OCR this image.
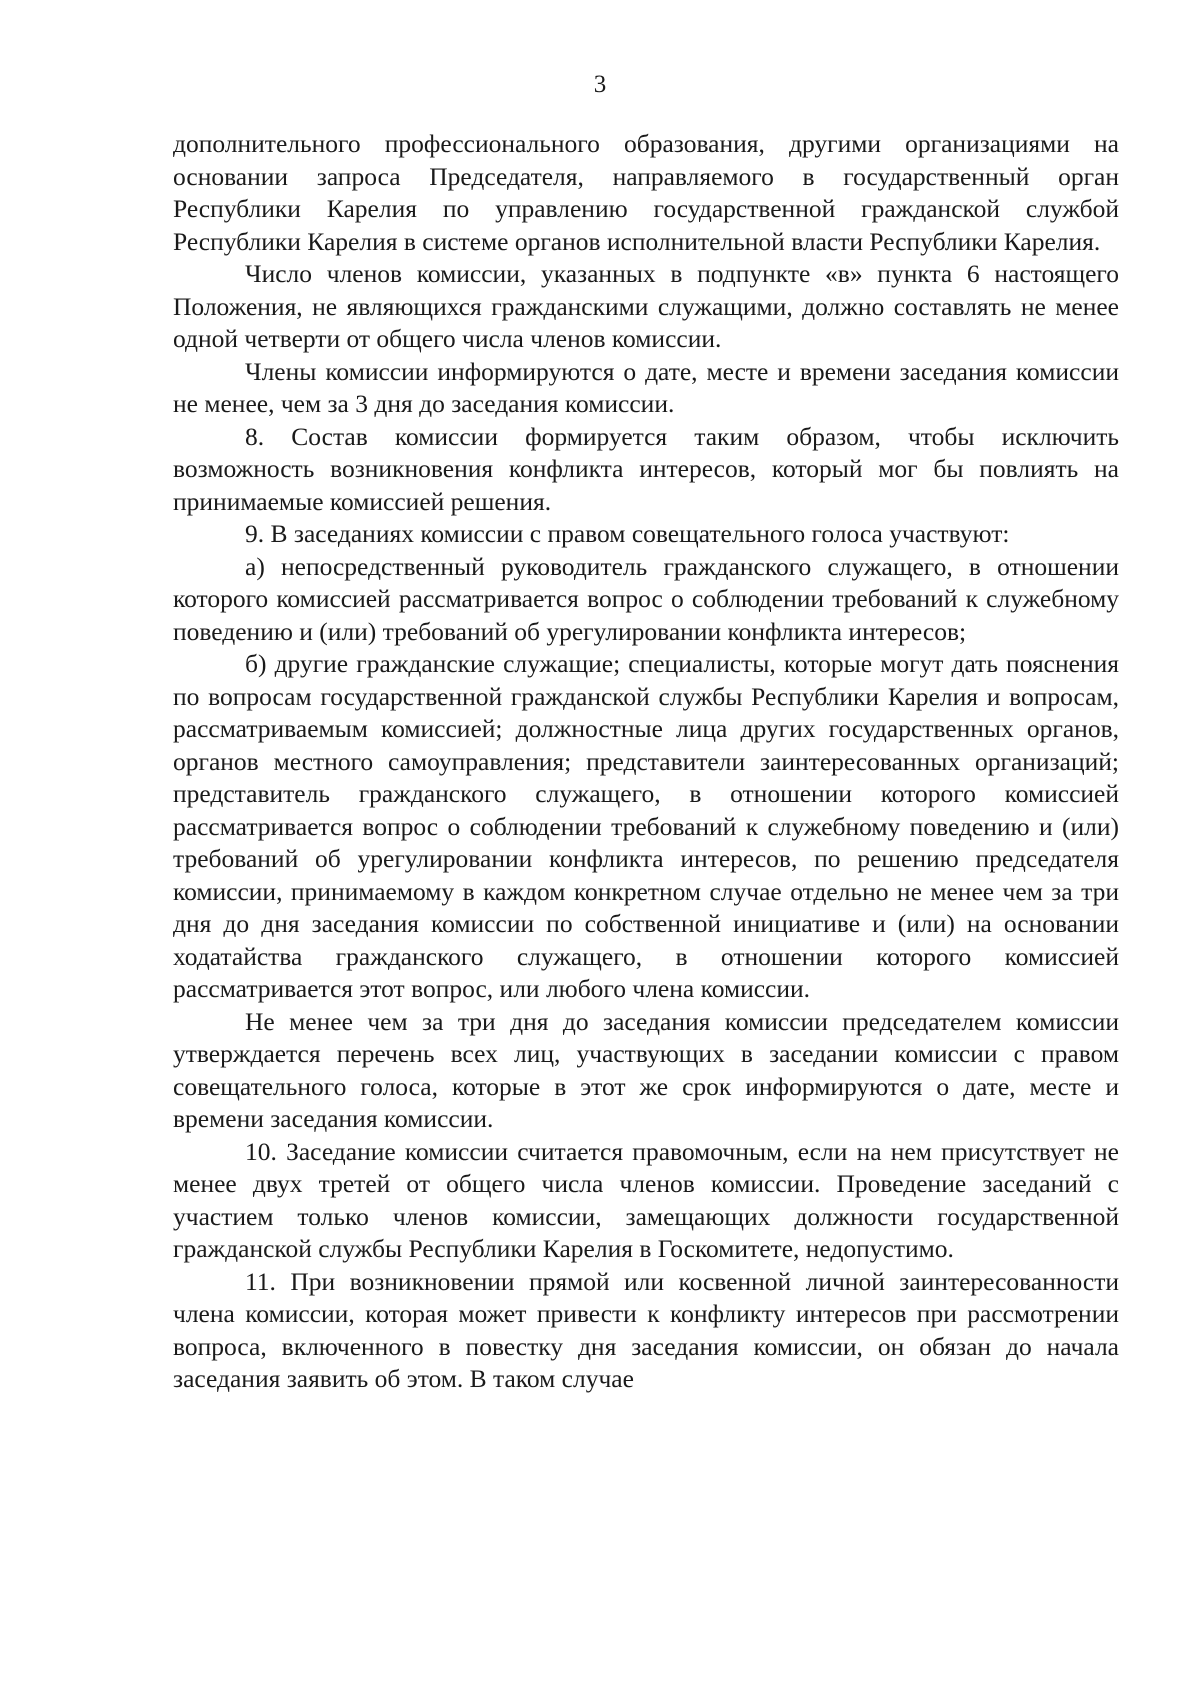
3

дополнительного профессионального образования, другими организациями на основании запроса Председателя, направляемого в государственный орган Республики Карелия по управлению государственной гражданской службой Республики Карелия в системе органов исполнительной власти Республики Карелия.

Число членов комиссии, указанных в подпункте «в» пункта 6 настоящего Положения, не являющихся гражданскими служащими, должно составлять не менее одной четверти от общего числа членов комиссии.

Члены комиссии информируются о дате, месте и времени заседания комиссии не менее, чем за 3 дня до заседания комиссии.

8. Состав комиссии формируется таким образом, чтобы исключить возможность возникновения конфликта интересов, который мог бы повлиять на принимаемые комиссией решения.

9. В заседаниях комиссии с правом совещательного голоса участвуют:

а) непосредственный руководитель гражданского служащего, в отношении которого комиссией рассматривается вопрос о соблюдении требований к служебному поведению и (или) требований об урегулировании конфликта интересов;

б) другие гражданские служащие; специалисты, которые могут дать пояснения по вопросам государственной гражданской службы Республики Карелия и вопросам, рассматриваемым комиссией; должностные лица других государственных органов, органов местного самоуправления; представители заинтересованных организаций; представитель гражданского служащего, в отношении которого комиссией рассматривается вопрос о соблюдении требований к служебному поведению и (или) требований об урегулировании конфликта интересов, по решению председателя комиссии, принимаемому в каждом конкретном случае отдельно не менее чем за три дня до дня заседания комиссии по собственной инициативе и (или) на основании ходатайства гражданского служащего, в отношении которого комиссией рассматривается этот вопрос, или любого члена комиссии.

Не менее чем за три дня до заседания комиссии председателем комиссии утверждается перечень всех лиц, участвующих в заседании комиссии с правом совещательного голоса, которые в этот же срок информируются о дате, месте и времени заседания комиссии.

10. Заседание комиссии считается правомочным, если на нем присутствует не менее двух третей от общего числа членов комиссии. Проведение заседаний с участием только членов комиссии, замещающих должности государственной гражданской службы Республики Карелия в Госкомитете, недопустимо.

11. При возникновении прямой или косвенной личной заинтересованности члена комиссии, которая может привести к конфликту интересов при рассмотрении вопроса, включенного в повестку дня заседания комиссии, он обязан до начала заседания заявить об этом. В таком случае
